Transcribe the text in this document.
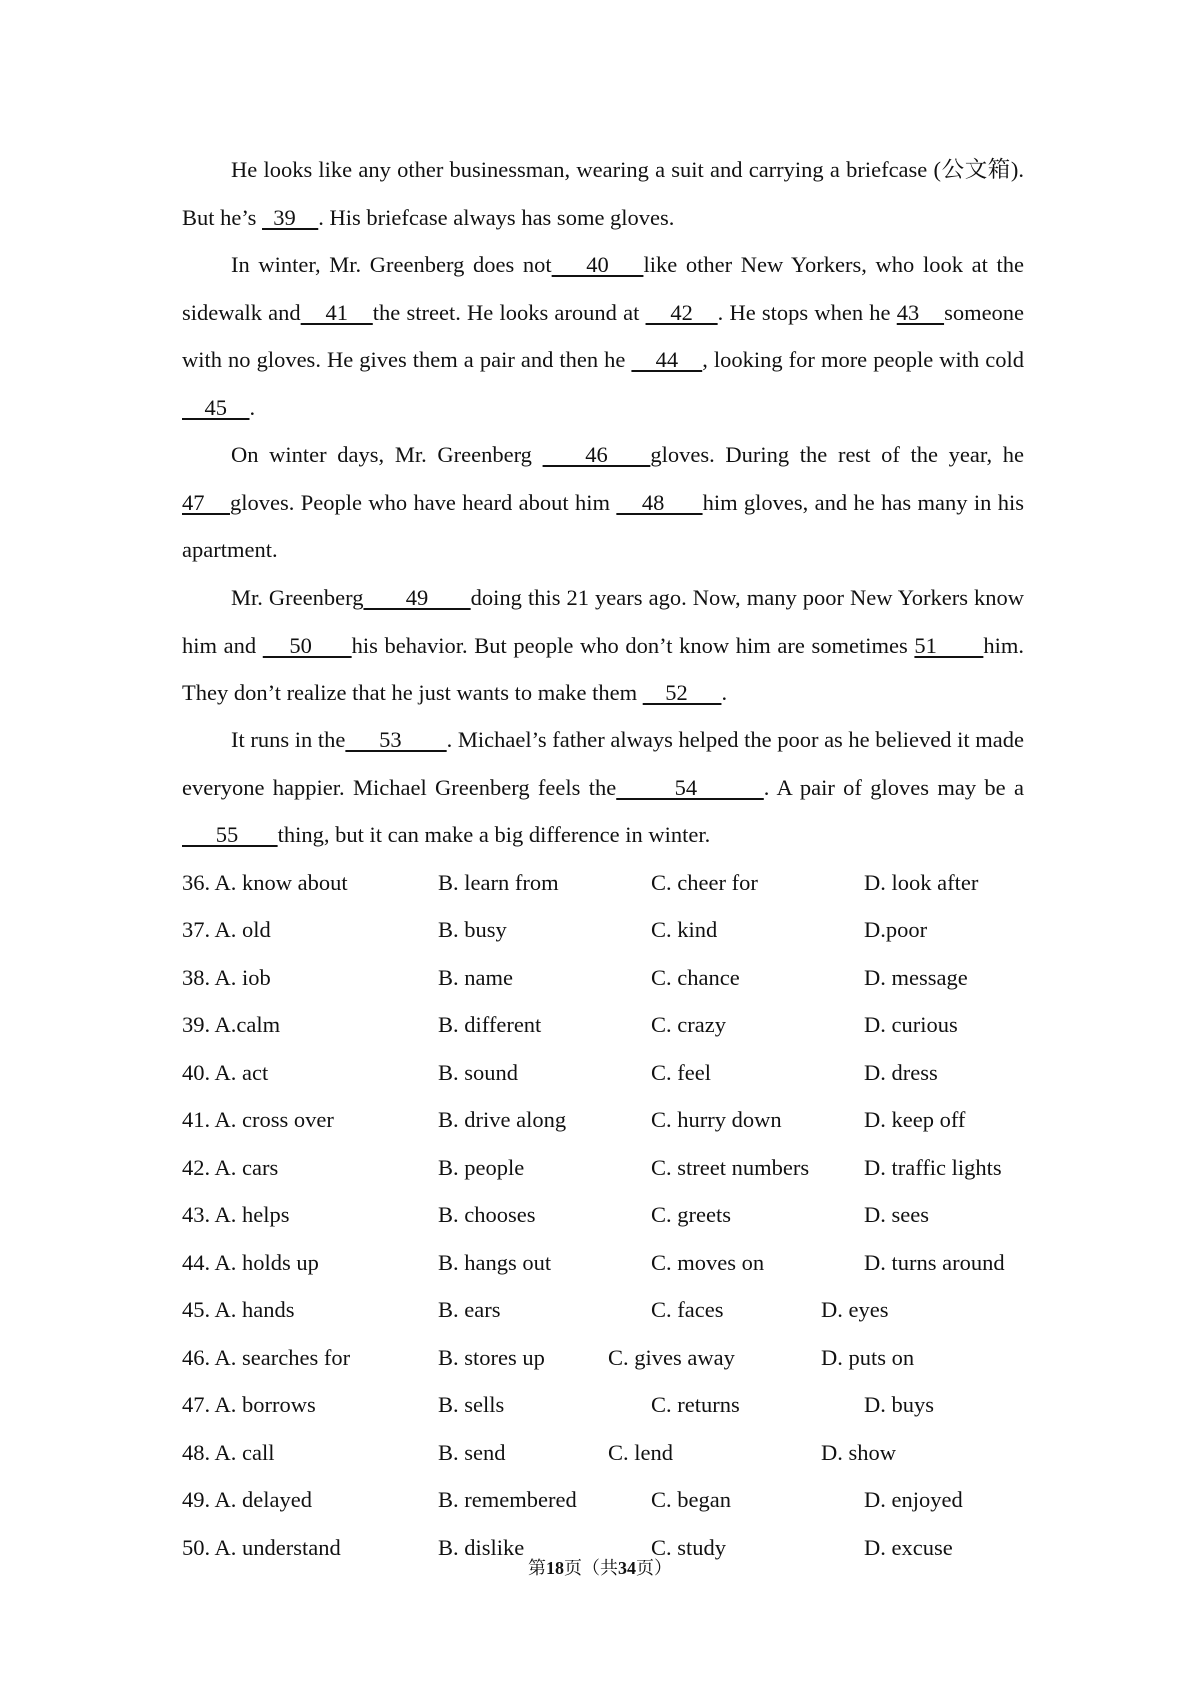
He looks like any other businessman, wearing a suit and carrying a briefcase (公文箱). But he’s   39    . His briefcase always has some gloves.

In winter, Mr. Greenberg does not    40    like other New Yorkers, who look at the sidewalk and    41    the street. He looks around at     42    . He stops when he 43    someone with no gloves. He gives them a pair and then he     44    , looking for more people with cold     45    .

On winter days, Mr. Greenberg     46    gloves. During the rest of the year, he 47    gloves. People who have heard about him     48      him gloves, and he has many in his apartment.

Mr. Greenberg       49       doing this 21 years ago. Now, many poor New Yorkers know him and     50      his behavior. But people who don’t know him are sometimes 51       him. They don’t realize that he just wants to make them     52      .

It runs in the      53        . Michael’s father always helped the poor as he believed it made everyone happier. Michael Greenberg feels the       54        . A pair of gloves may be a      55       thing, but it can make a big difference in winter.

36. A. know about	B. learn from	C. cheer for	D. look after
37. A. old	B. busy	C. kind	D.poor
38. A. iob	B. name	C. chance	D. message
39. A.calm	B. different	C. crazy	D. curious
40. A. act	B. sound	C. feel	D. dress
41. A. cross over	B. drive along	C. hurry down	D. keep off
42. A. cars	B. people	C. street numbers D. traffic lights
43. A. helps	B. chooses	C. greets	D. sees
44. A. holds up	B. hangs out	C. moves on	D. turns around
45. A. hands	B. ears	C. faces	D. eyes
46. A. searches for	B. stores up	C. gives away	D. puts on
47. A. borrows	B. sells	C. returns	D. buys
48. A. call	B. send	C. lend	D. show
49. A. delayed	B. remembered	C. began	D. enjoyed
50. A. understand	B. dislike	C. study	D. excuse
第18页（共34页）
